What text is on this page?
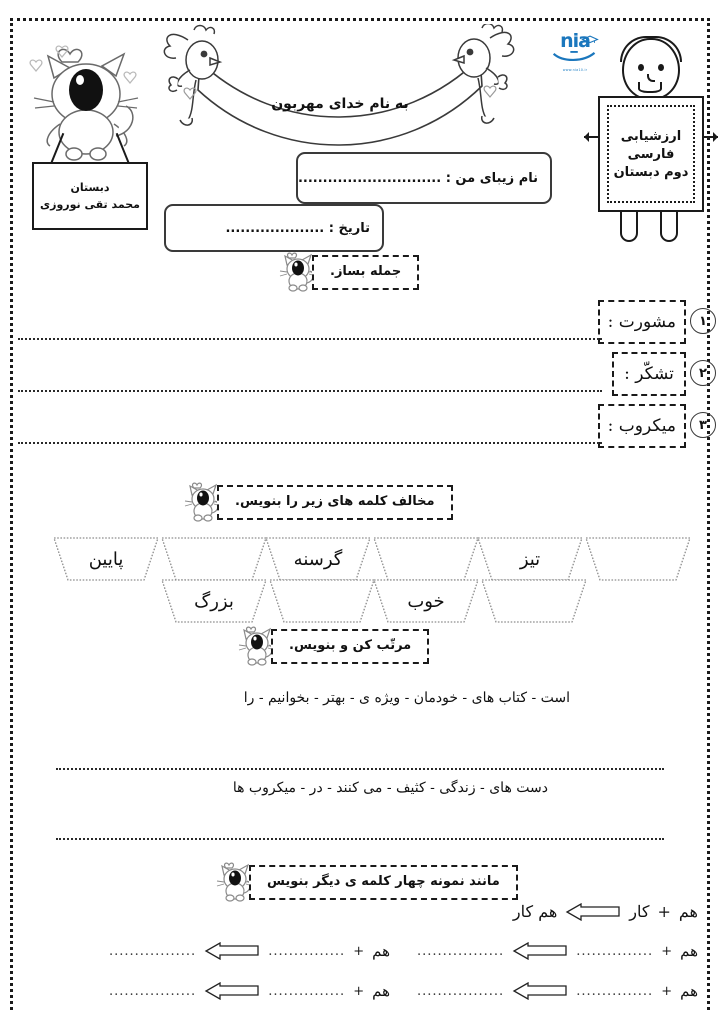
nia
www.nia10.ir
ارزشیابی
فارسی
دوم دبستان
به نام خدای مهربون
دبستان
محمد تقی نوروزی
نام زیبای من : .............................
تاریخ : ....................
جمله بساز.
۱
مشورت :
۲
تشکّر :
۳
میکروب :
مخالف کلمه های زیر را بنویس.
تیز
گرسنه
پایین
خوب
بزرگ
مرتّب کن و بنویس.
است - کتاب های - خودمان - ویژه ی - بهتر - بخوانیم - را
دست های - زندگی - کثیف - می کنند - در - میکروب ها
مانند نمونه چهار کلمه ی دیگر بنویس
هم
+
کار
هم کار
هم
+
...............
.................
هم
+
...............
.................
هم
+
...............
.................
هم
+
...............
.................
